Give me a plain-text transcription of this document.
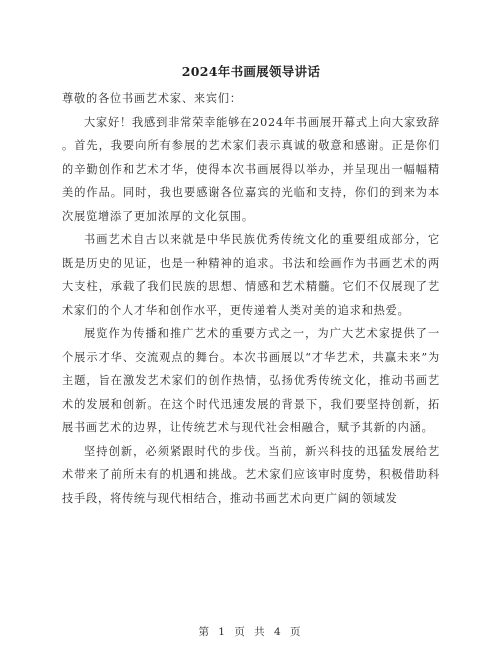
2024年书画展领导讲话

尊敬的各位书画艺术家、来宾们：

大家好！我感到非常荣幸能够在2024年书画展开幕式上向大家致辞。首先，我要向所有参展的艺术家们表示真诚的敬意和感谢。正是你们的辛勤创作和艺术才华，使得本次书画展得以举办，并呈现出一幅幅精美的作品。同时，我也要感谢各位嘉宾的光临和支持，你们的到来为本次展览增添了更加浓厚的文化氛围。

书画艺术自古以来就是中华民族优秀传统文化的重要组成部分，它既是历史的见证，也是一种精神的追求。书法和绘画作为书画艺术的两大支柱，承载了我们民族的思想、情感和艺术精髓。它们不仅展现了艺术家们的个人才华和创作水平，更传递着人类对美的追求和热爱。

展览作为传播和推广艺术的重要方式之一，为广大艺术家提供了一个展示才华、交流观点的舞台。本次书画展以“才华艺术，共赢未来”为主题，旨在激发艺术家们的创作热情，弘扬优秀传统文化，推动书画艺术的发展和创新。在这个时代迅速发展的背景下，我们要坚持创新，拓展书画艺术的边界，让传统艺术与现代社会相融合，赋予其新的内涵。

坚持创新，必须紧跟时代的步伐。当前，新兴科技的迅猛发展给艺术带来了前所未有的机遇和挑战。艺术家们应该审时度势，积极借助科技手段，将传统与现代相结合，推动书画艺术向更广阔的领域发

第 1 页 共 4 页
